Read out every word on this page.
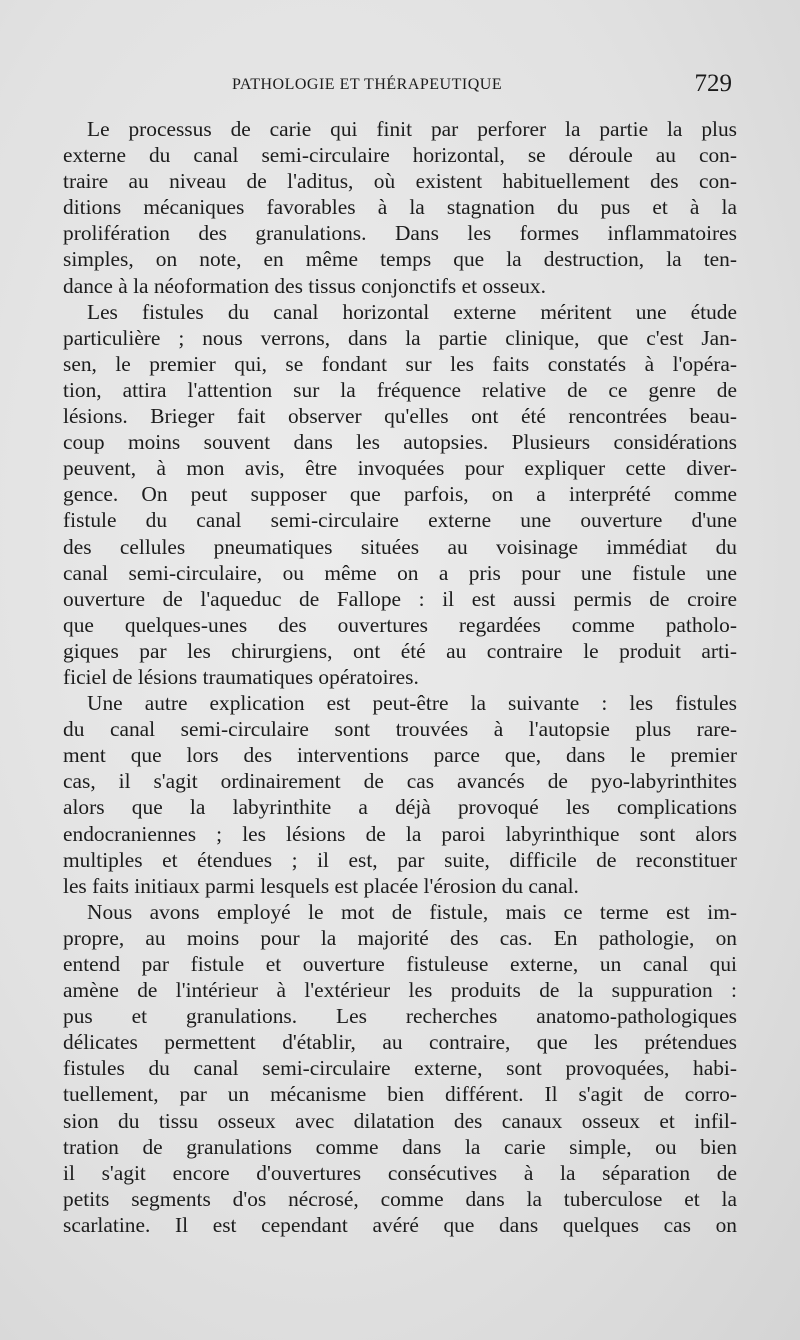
PATHOLOGIE ET THÉRAPEUTIQUE	729
Le processus de carie qui finit par perforer la partie la plus
externe du canal semi-circulaire horizontal, se déroule au con-
traire au niveau de l'aditus, où existent habituellement des con-
ditions mécaniques favorables à la stagnation du pus et à la
prolifération des granulations. Dans les formes inflammatoires
simples, on note, en même temps que la destruction, la ten-
dance à la néoformation des tissus conjonctifs et osseux.
Les fistules du canal horizontal externe méritent une étude
particulière ; nous verrons, dans la partie clinique, que c'est Jan-
sen, le premier qui, se fondant sur les faits constatés à l'opéra-
tion, attira l'attention sur la fréquence relative de ce genre de
lésions. Brieger fait observer qu'elles ont été rencontrées beau-
coup moins souvent dans les autopsies. Plusieurs considérations
peuvent, à mon avis, être invoquées pour expliquer cette diver-
gence. On peut supposer que parfois, on a interprété comme
fistule du canal semi-circulaire externe une ouverture d'une
des cellules pneumatiques situées au voisinage immédiat du
canal semi-circulaire, ou même on a pris pour une fistule une
ouverture de l'aqueduc de Fallope : il est aussi permis de croire
que quelques-unes des ouvertures regardées comme patholo-
giques par les chirurgiens, ont été au contraire le produit arti-
ficiel de lésions traumatiques opératoires.
Une autre explication est peut-être la suivante : les fistules
du canal semi-circulaire sont trouvées à l'autopsie plus rare-
ment que lors des interventions parce que, dans le premier
cas, il s'agit ordinairement de cas avancés de pyo-labyrinthites
alors que la labyrinthite a déjà provoqué les complications
endocraniennes ; les lésions de la paroi labyrinthique sont alors
multiples et étendues ; il est, par suite, difficile de reconstituer
les faits initiaux parmi lesquels est placée l'érosion du canal.
Nous avons employé le mot de fistule, mais ce terme est im-
propre, au moins pour la majorité des cas. En pathologie, on
entend par fistule et ouverture fistuleuse externe, un canal qui
amène de l'intérieur à l'extérieur les produits de la suppuration :
pus et granulations. Les recherches anatomo-pathologiques
délicates permettent d'établir, au contraire, que les prétendues
fistules du canal semi-circulaire externe, sont provoquées, habi-
tuellement, par un mécanisme bien différent. Il s'agit de corro-
sion du tissu osseux avec dilatation des canaux osseux et infil-
tration de granulations comme dans la carie simple, ou bien
il s'agit encore d'ouvertures consécutives à la séparation de
petits segments d'os nécrosé, comme dans la tuberculose et la
scarlatine. Il est cependant avéré que dans quelques cas on
